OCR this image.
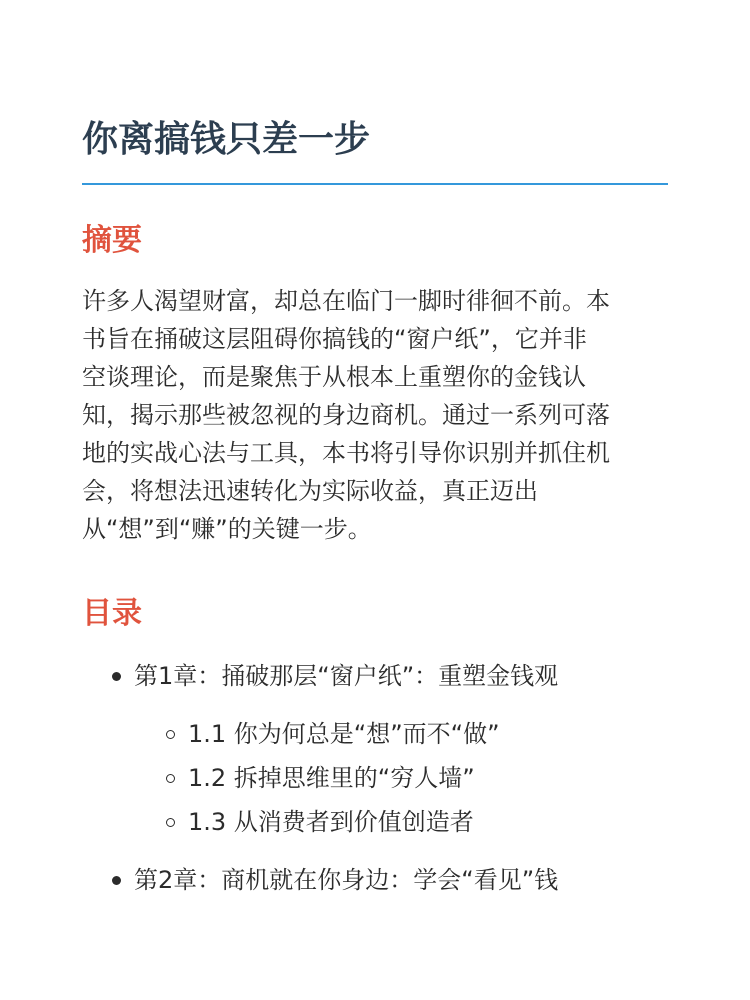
你离搞钱只差一步
摘要

许多人渴望财富，却总在临门一脚时徘徊不前。本
书旨在捅破这层阻碍你搞钱的“窗户纸”，它并非
空谈理论，而是聚焦于从根本上重塑你的金钱认
知，揭示那些被忽视的身边商机。通过一系列可落
地的实战心法与工具，本书将引导你识别并抓住机
会，将想法迅速转化为实际收益，真正迈出
从“想”到“赚”的关键一步。

目录
第1章：捅破那层“窗户纸”：重塑金钱观
1.1 你为何总是“想”而不“做”
1.2 拆掉思维里的“穷人墙”
1.3 从消费者到价值创造者
第2章：商机就在你身边：学会“看见”钱
